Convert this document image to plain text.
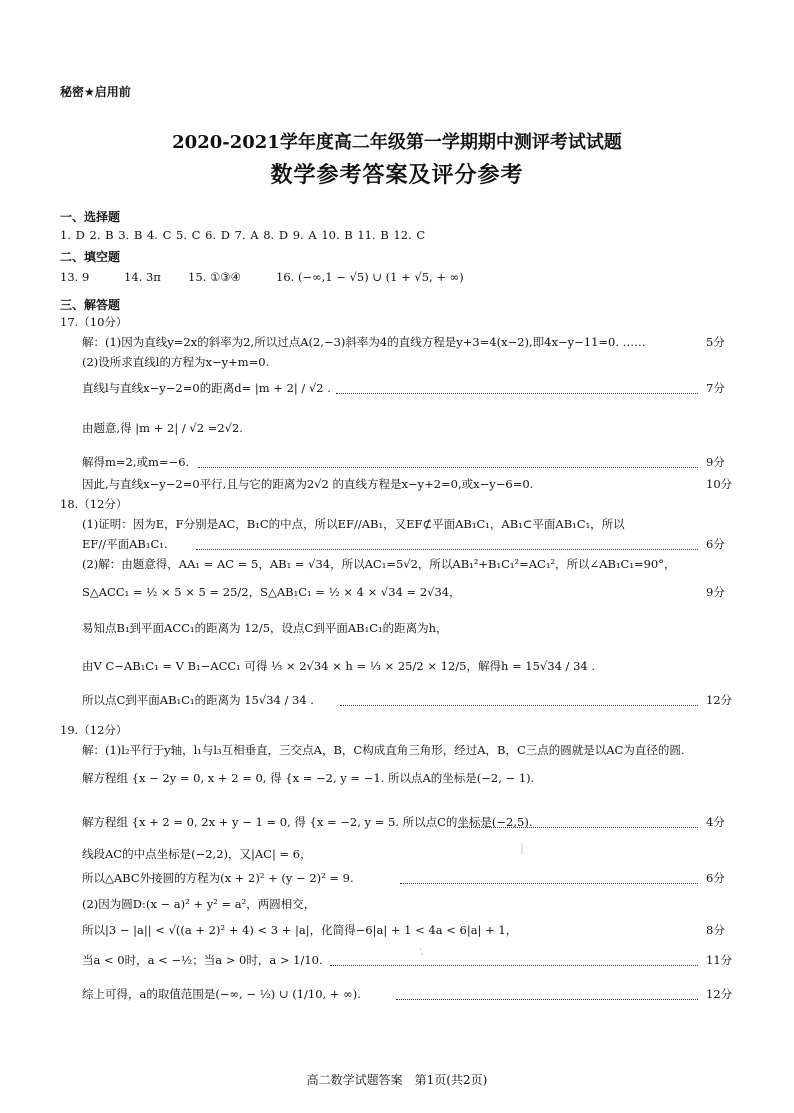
秘密★启用前
2020-2021学年度高二年级第一学期期中测评考试试题
数学参考答案及评分参考
一、选择题
1. D 2. B 3. B 4. C 5. C 6. D 7. A 8. D 9. A 10. B 11. B 12. C
二、填空题
13. 9	14. 3π 15. ①③④	16. (−∞,1 − √5) ∪ (1 + √5, + ∞)
三、解答题
17.（10分）
解：(1)因为直线y=2x的斜率为2,所以过点A(2,−3)斜率为4的直线方程是y+3=4(x−2),即4x−y−11=0. ……	5分
(2)设所求直线l的方程为x−y+m=0.
直线l与直线x−y−2=0的距离d= |m + 2| / √2 .	7分
由题意,得 |m + 2| / √2 =2√2.
解得m=2,或m=−6.	9分
因此,与直线x−y−2=0平行,且与它的距离为2√2 的直线方程是x−y+2=0,或x−y−6=0.	10分
18.（12分）
(1)证明：因为E，F分别是AC，B₁C的中点，所以EF//AB₁，又EF⊄平面AB₁C₁，AB₁⊂平面AB₁C₁，所以
EF//平面AB₁C₁.	6分
(2)解：由题意得，AA₁ = AC = 5，AB₁ = √34，所以AC₁=5√2，所以AB₁²+B₁C₁²=AC₁²，所以∠AB₁C₁=90°，
S△ACC₁ = ½ × 5 × 5 = 25/2，S△AB₁C₁ = ½ × 4 × √34 = 2√34，	9分
易知点B₁到平面ACC₁的距离为 12/5，设点C到平面AB₁C₁的距离为h，
由V C−AB₁C₁ = V B₁−ACC₁ 可得 ⅓ × 2√34 × h = ⅓ × 25/2 × 12/5，解得h = 15√34 / 34 .
所以点C到平面AB₁C₁的距离为 15√34 / 34 .	12分
19.（12分）
解：(1)l₂平行于y轴，l₁与l₃互相垂直，三交点A，B，C构成直角三角形，经过A，B，C三点的圆就是以AC为直径的圆.
解方程组 {x − 2y = 0, x + 2 = 0, 得 {x = −2, y = −1. 所以点A的坐标是(−2, − 1).
解方程组 {x + 2 = 0, 2x + y − 1 = 0, 得 {x = −2, y = 5. 所以点C的坐标是(−2,5).	4分
线段AC的中点坐标是(−2,2)，又|AC| = 6，
所以△ABC外接圆的方程为(x + 2)² + (y − 2)² = 9.	6分
(2)因为圆D:(x − a)² + y² = a²，两圆相交，
所以|3 − |a|| < √((a + 2)² + 4) < 3 + |a|，化简得−6|a| + 1 < 4a < 6|a| + 1，	8分
当a < 0时，a < −½；当a > 0时，a > 1/10.	11分
综上可得，a的取值范围是(−∞, − ½) ∪ (1/10, + ∞).	12分
∕
∶
高二数学试题答案　第1页(共2页)
